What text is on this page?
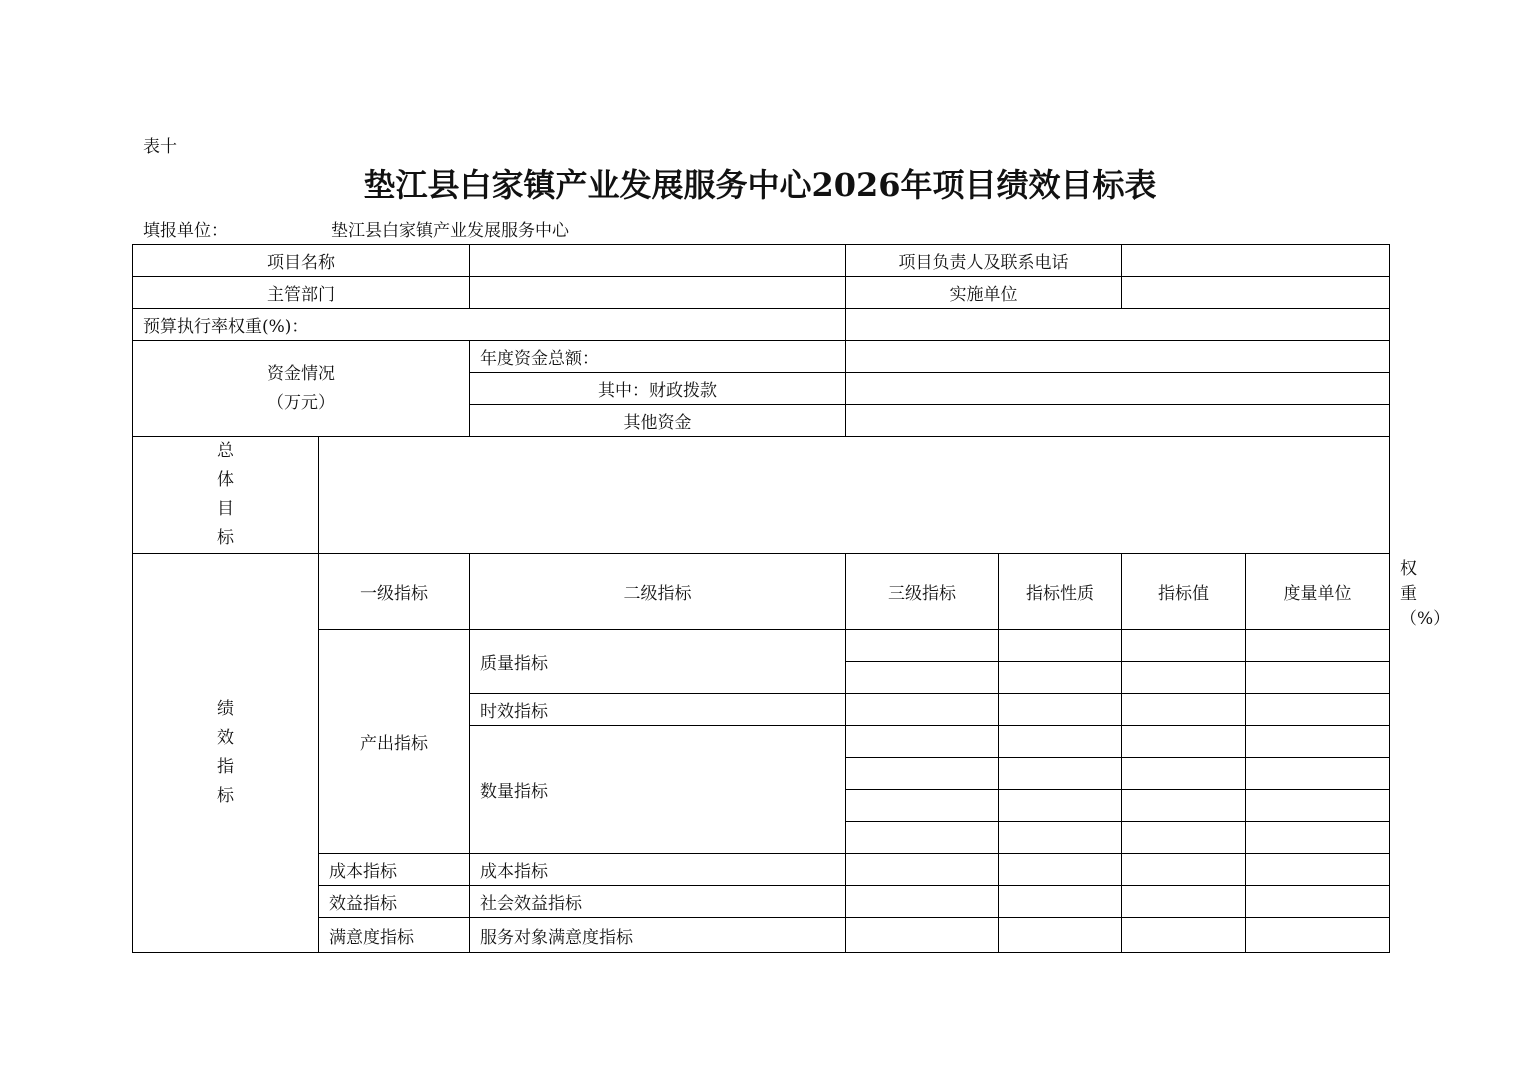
表十
垫江县白家镇产业发展服务中心2026年项目绩效目标表
填报单位：	垫江县白家镇产业发展服务中心
项目名称			项目负责人及联系电话				
主管部门			实施单位				
预算执行率权重(%)：							

资金情况
（万元）		年度资金总额：					
		其中：财政拨款					
		其他资金					

总
体
目
标							

绩
效
指
标	一级指标	二级指标	三级指标	指标性质	指标值	度量单位	权重（%）
	产出指标	质量指标					

		时效指标					
		数量指标					

	成本指标	成本指标					
	效益指标	社会效益指标					
	满意度指标	服务对象满意度指标					
